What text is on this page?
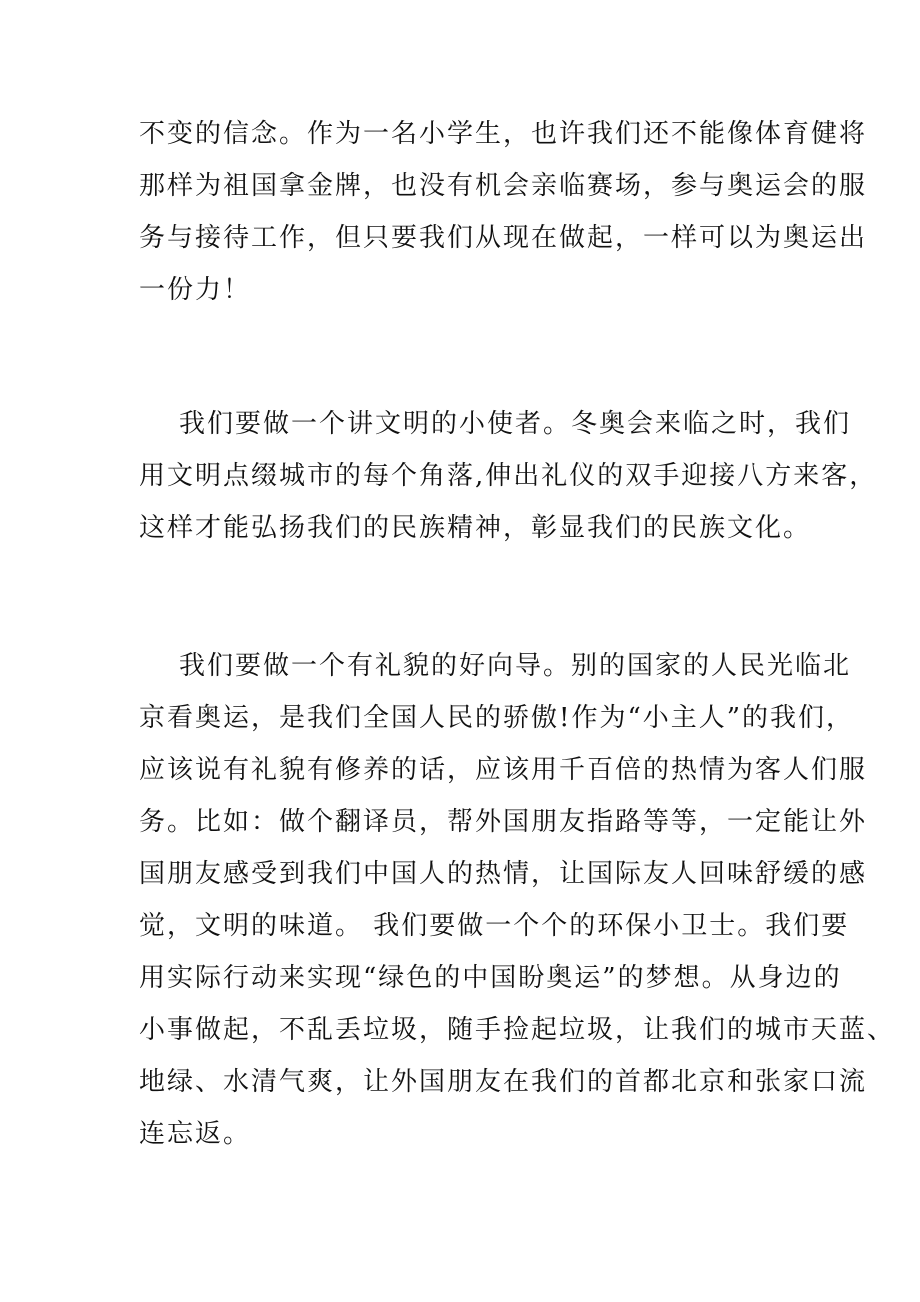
不变的信念。作为一名小学生，也许我们还不能像体育健将
那样为祖国拿金牌，也没有机会亲临赛场，参与奥运会的服
务与接待工作，但只要我们从现在做起，一样可以为奥运出
一份力！

我们要做一个讲文明的小使者。冬奥会来临之时，我们
用文明点缀城市的每个角落,伸出礼仪的双手迎接八方来客，
这样才能弘扬我们的民族精神，彰显我们的民族文化。

我们要做一个有礼貌的好向导。别的国家的人民光临北
京看奥运，是我们全国人民的骄傲!作为“小主人”的我们，
应该说有礼貌有修养的话，应该用千百倍的热情为客人们服
务。比如：做个翻译员，帮外国朋友指路等等，一定能让外
国朋友感受到我们中国人的热情，让国际友人回味舒缓的感
觉，文明的味道。 我们要做一个个的环保小卫士。我们要
用实际行动来实现“绿色的中国盼奥运”的梦想。从身边的
小事做起，不乱丢垃圾，随手捡起垃圾，让我们的城市天蓝、
地绿、水清气爽，让外国朋友在我们的首都北京和张家口流
连忘返。
